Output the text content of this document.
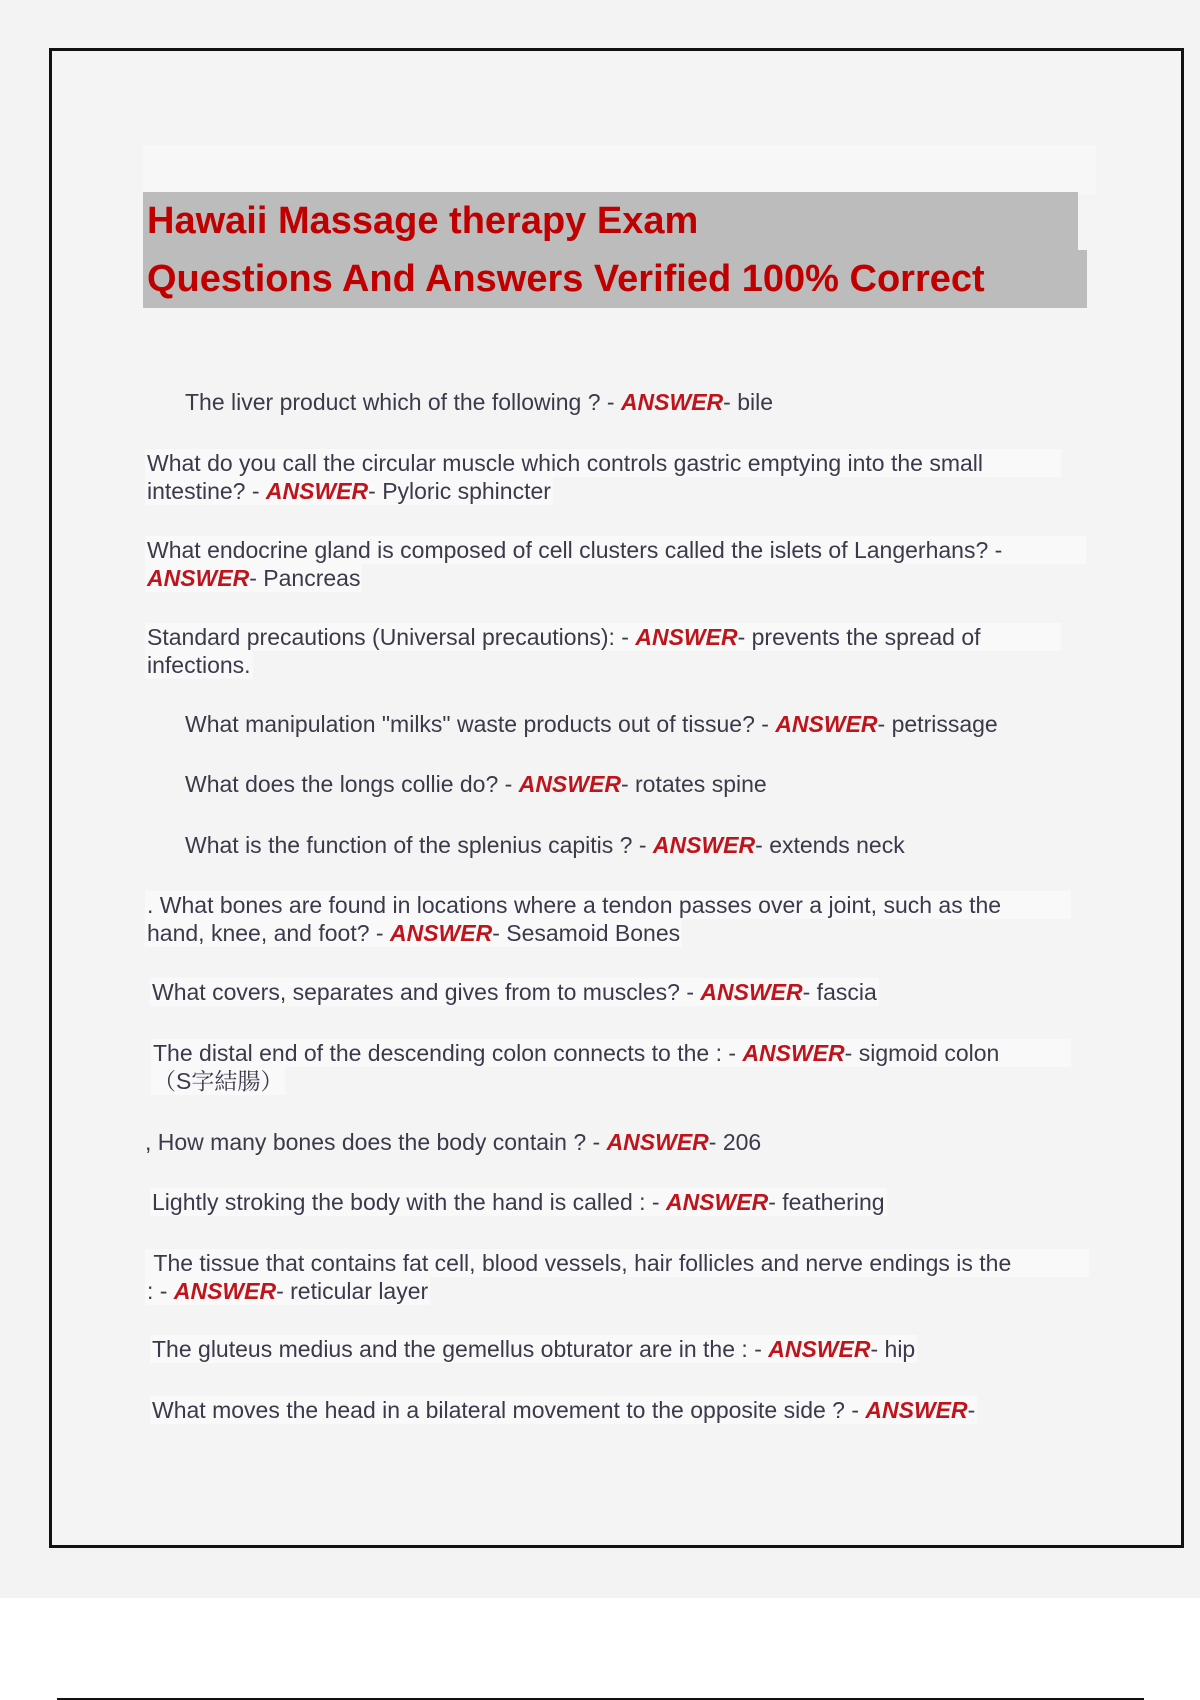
Hawaii Massage therapy Exam
Questions And Answers Verified 100% Correct
The liver product which of the following ? - ANSWER- bile
What do you call the circular muscle which controls gastric emptying into the small
intestine? - ANSWER- Pyloric sphincter
What endocrine gland is composed of cell clusters called the islets of Langerhans? -
ANSWER- Pancreas
Standard precautions (Universal precautions): - ANSWER- prevents the spread of
infections.
What manipulation "milks" waste products out of tissue? - ANSWER- petrissage
What does the longs collie do? - ANSWER- rotates spine
What is the function of the splenius capitis ? - ANSWER- extends neck
. What bones are found in locations where a tendon passes over a joint, such as the
hand, knee, and foot? - ANSWER- Sesamoid Bones
What covers, separates and gives from to muscles? - ANSWER- fascia
The distal end of the descending colon connects to the : - ANSWER- sigmoid colon
（S字結腸）
, How many bones does the body contain ? - ANSWER- 206
Lightly stroking the body with the hand is called : - ANSWER- feathering
The tissue that contains fat cell, blood vessels, hair follicles and nerve endings is the
: - ANSWER- reticular layer
The gluteus medius and the gemellus obturator are in the : - ANSWER- hip
What moves the head in a bilateral movement to the opposite side ? - ANSWER-
